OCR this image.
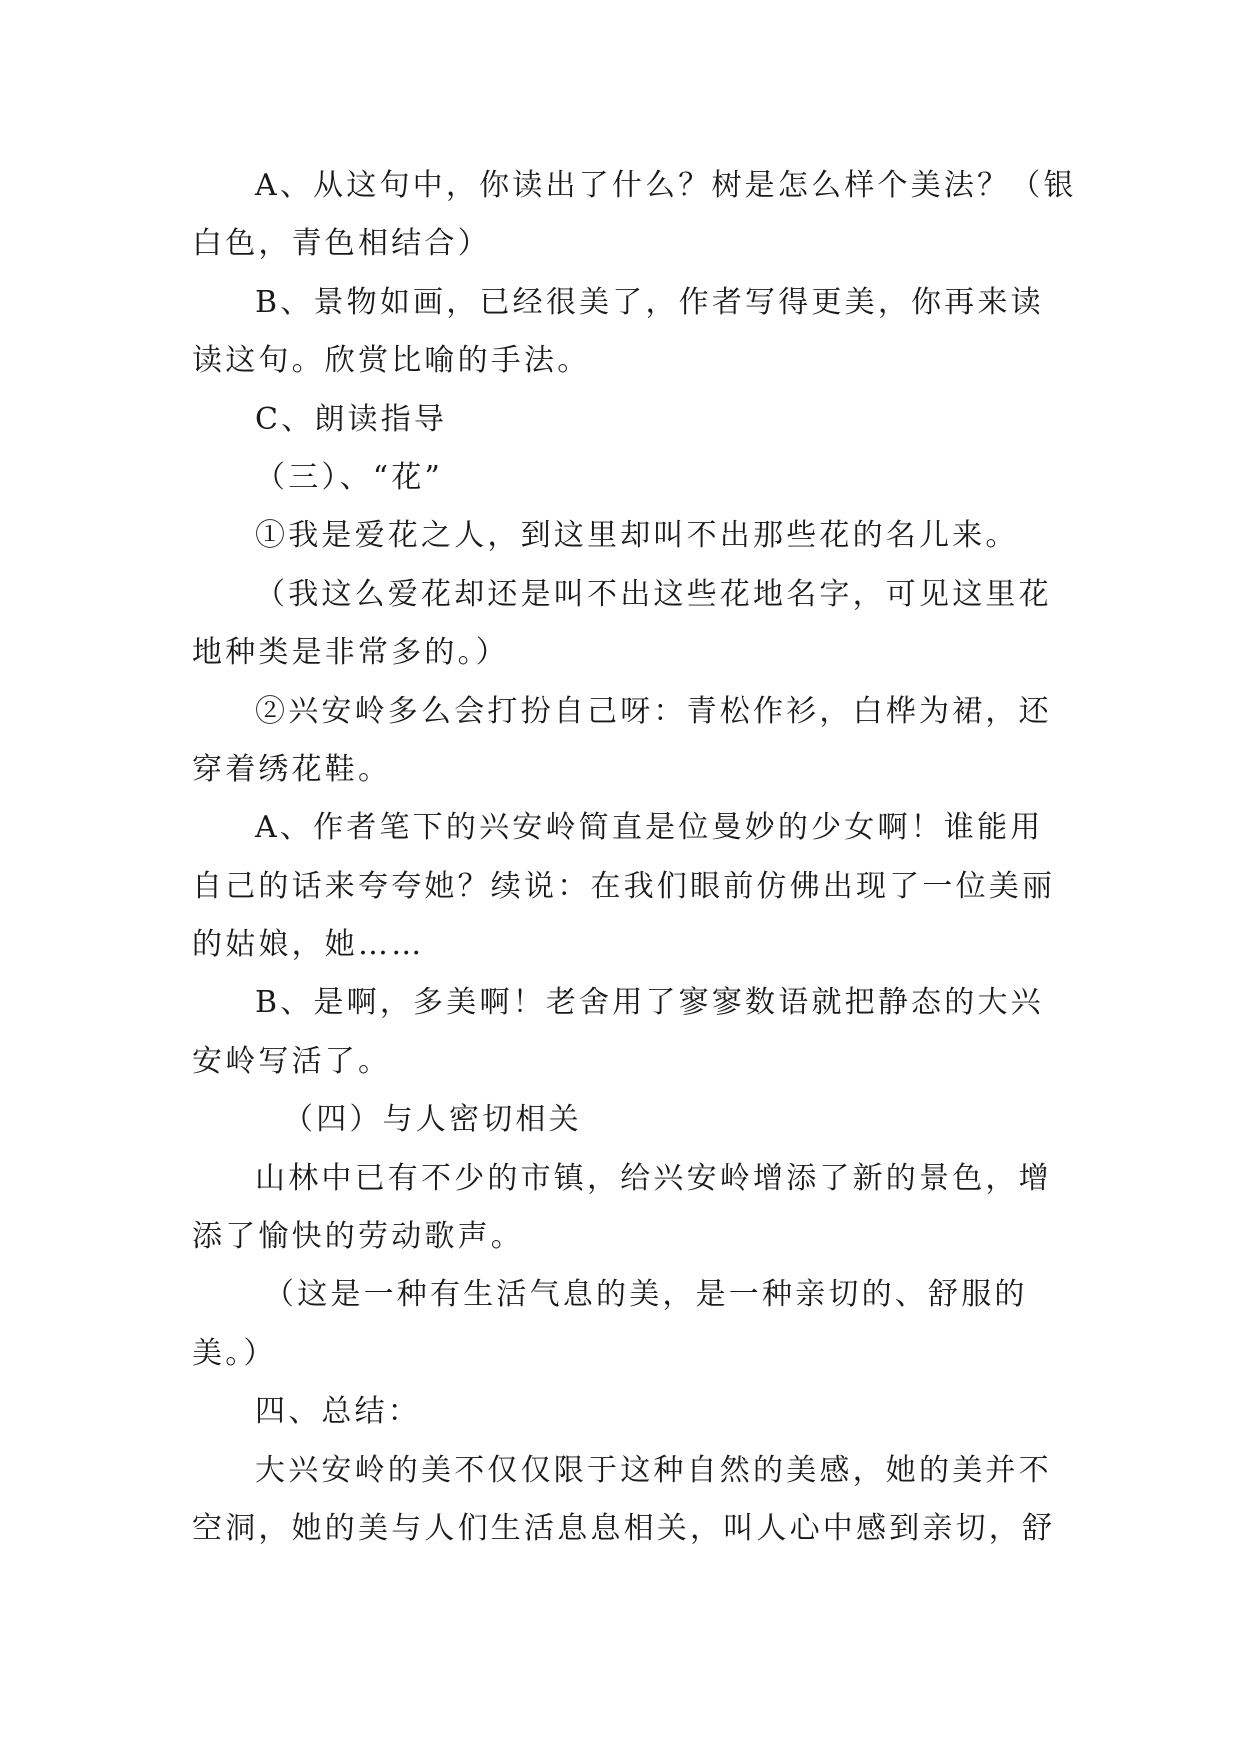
A、从这句中，你读出了什么？树是怎么样个美法？（银

白色，青色相结合）

B、景物如画，已经很美了，作者写得更美，你再来读

读这句。欣赏比喻的手法。

C、朗读指导

（三）、“花”

①我是爱花之人，到这里却叫不出那些花的名儿来。

（我这么爱花却还是叫不出这些花地名字，可见这里花

地种类是非常多的。）

②兴安岭多么会打扮自己呀：青松作衫，白桦为裙，还

穿着绣花鞋。

A、作者笔下的兴安岭简直是位曼妙的少女啊！谁能用

自己的话来夸夸她？续说：在我们眼前仿佛出现了一位美丽

的姑娘，她……

B、是啊，多美啊！老舍用了寥寥数语就把静态的大兴

安岭写活了。

（四）与人密切相关

山林中已有不少的市镇，给兴安岭增添了新的景色，增

添了愉快的劳动歌声。

（这是一种有生活气息的美，是一种亲切的、舒服的

美。）

四、总结：

大兴安岭的美不仅仅限于这种自然的美感，她的美并不

空洞，她的美与人们生活息息相关，叫人心中感到亲切，舒
